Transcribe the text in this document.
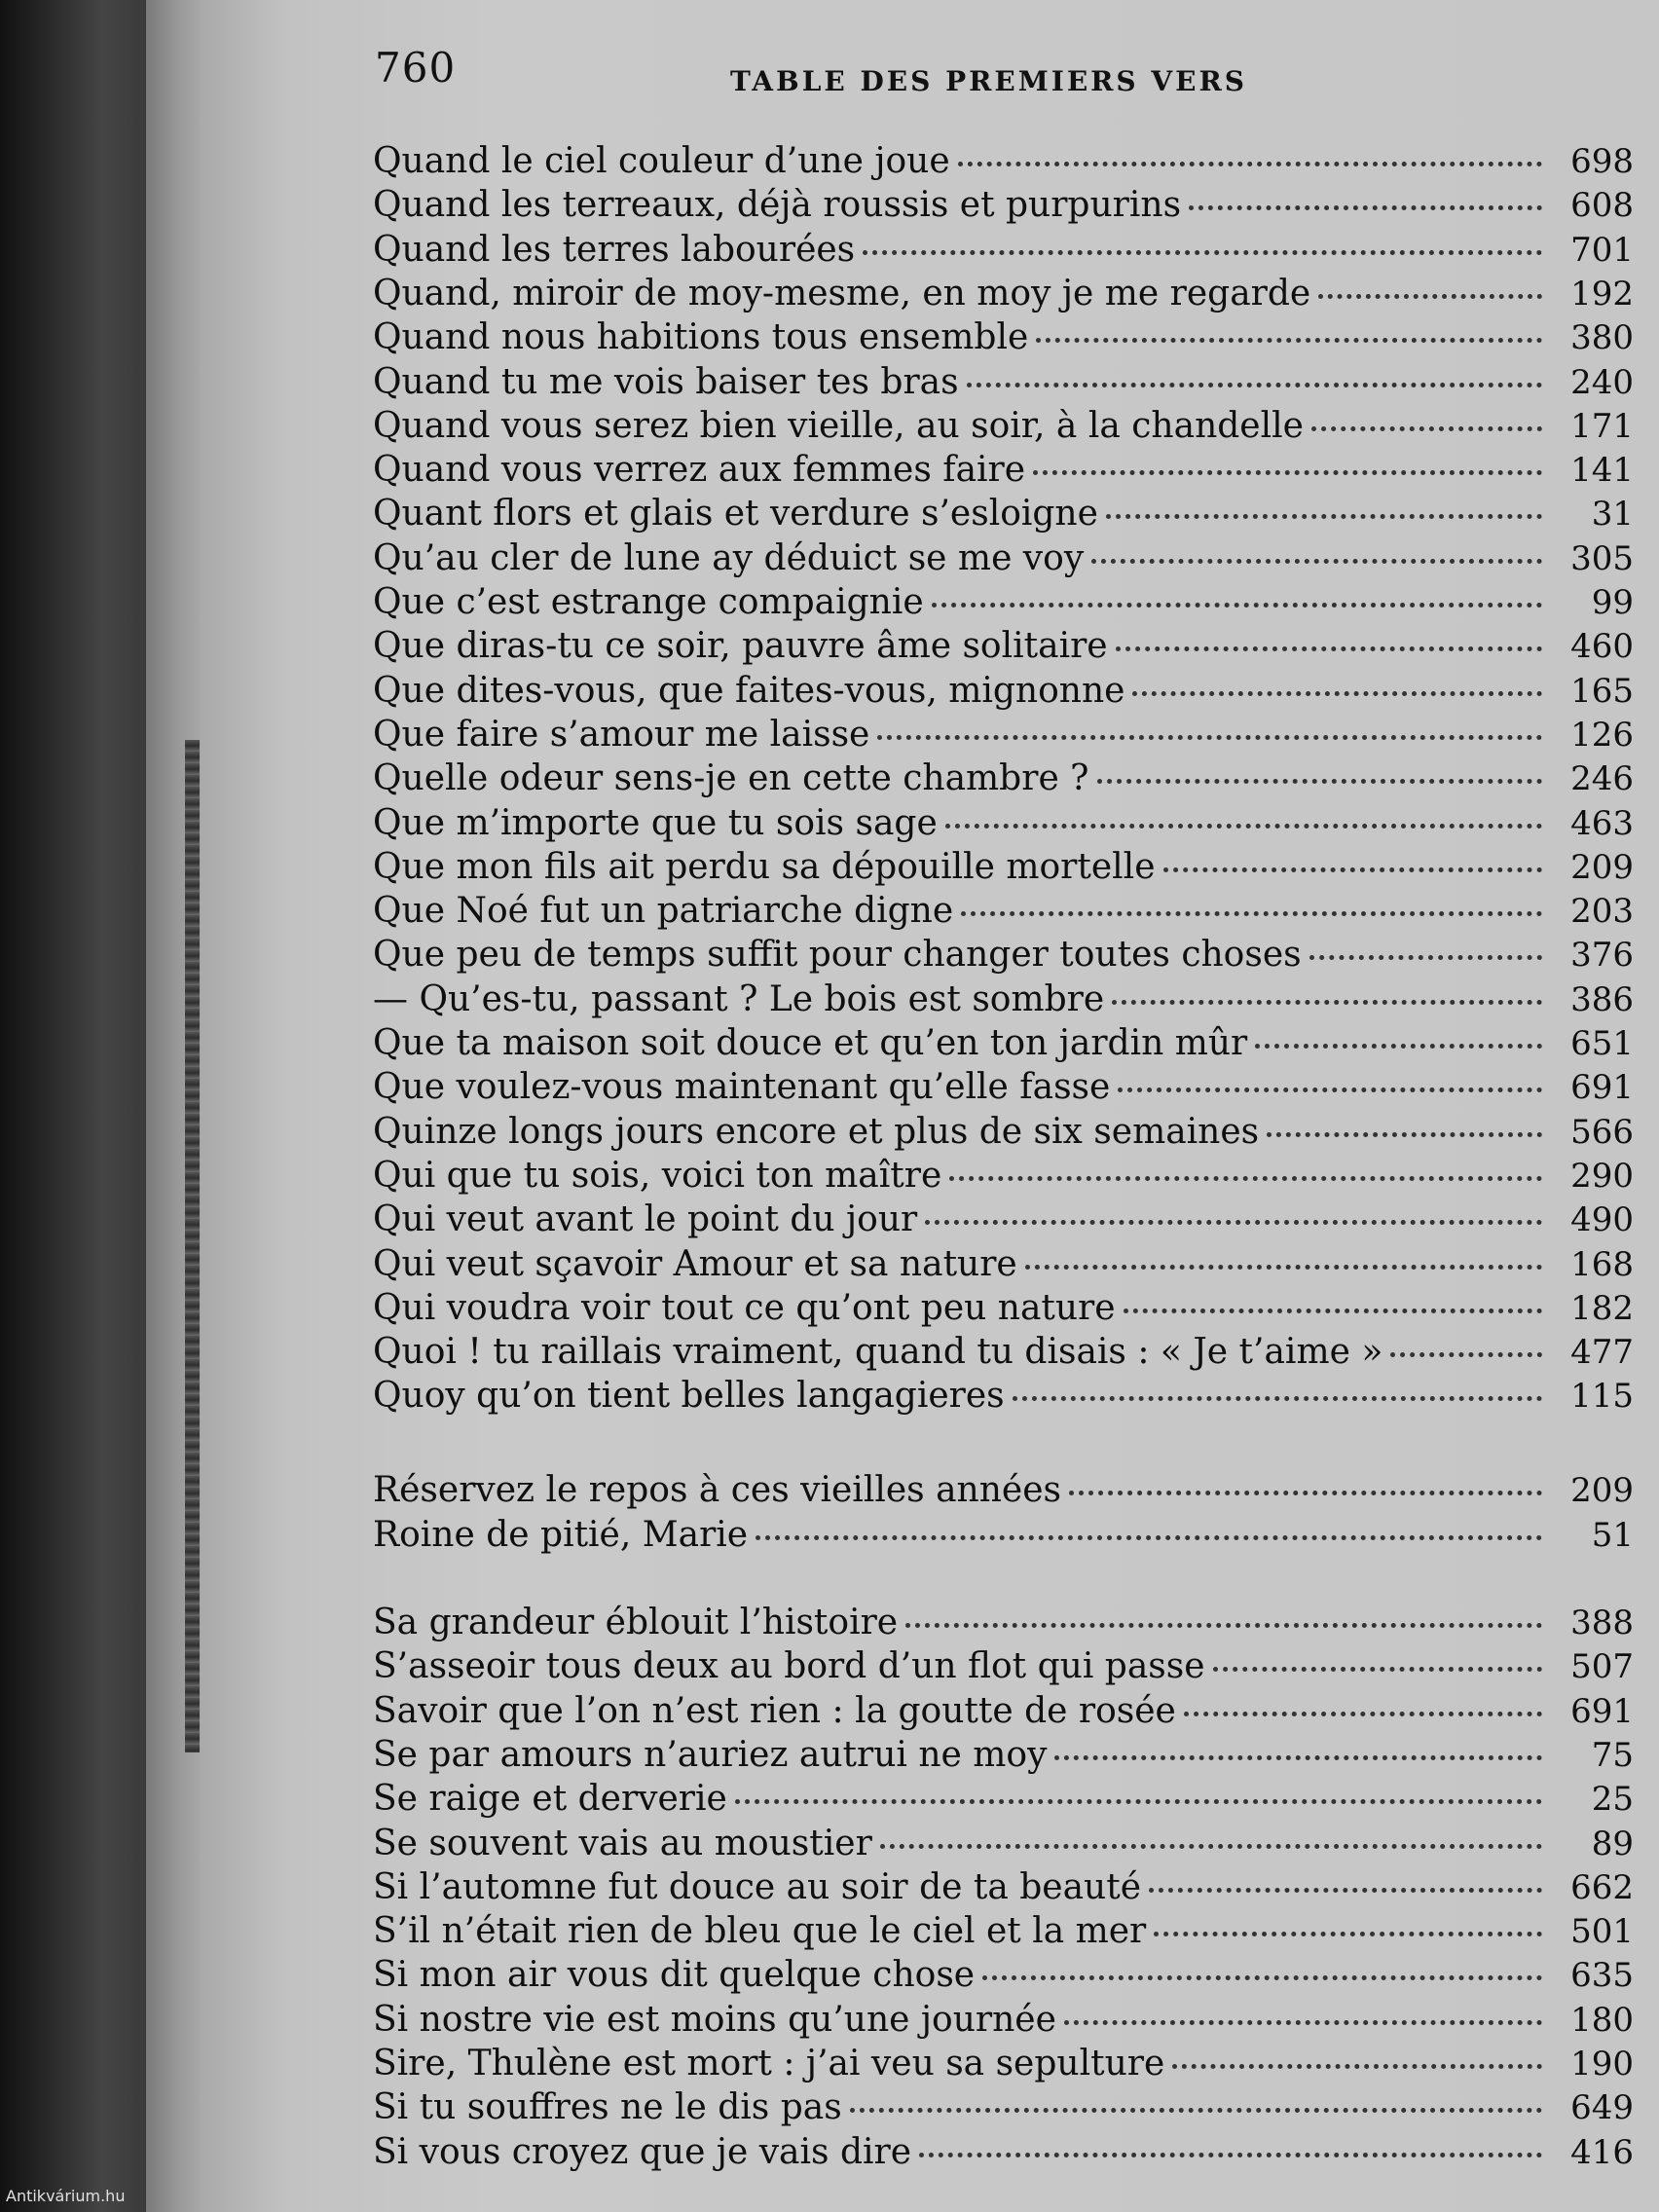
760	TABLE DES PREMIERS VERS
Quand le ciel couleur d’une joue	698
Quand les terreaux, déjà roussis et purpurins	608
Quand les terres labourées	701
Quand, miroir de moy-mesme, en moy je me regarde	192
Quand nous habitions tous ensemble	380
Quand tu me vois baiser tes bras	240
Quand vous serez bien vieille, au soir, à la chandelle	171
Quand vous verrez aux femmes faire	141
Quant flors et glais et verdure s’esloigne	31
Qu’au cler de lune ay déduict se me voy	305
Que c’est estrange compaignie	99
Que diras-tu ce soir, pauvre âme solitaire	460
Que dites-vous, que faites-vous, mignonne	165
Que faire s’amour me laisse	126
Quelle odeur sens-je en cette chambre ?	246
Que m’importe que tu sois sage	463
Que mon fils ait perdu sa dépouille mortelle	209
Que Noé fut un patriarche digne	203
Que peu de temps suffit pour changer toutes choses	376
— Qu’es-tu, passant ? Le bois est sombre	386
Que ta maison soit douce et qu’en ton jardin mûr	651
Que voulez-vous maintenant qu’elle fasse	691
Quinze longs jours encore et plus de six semaines	566
Qui que tu sois, voici ton maître	290
Qui veut avant le point du jour	490
Qui veut sçavoir Amour et sa nature	168
Qui voudra voir tout ce qu’ont peu nature	182
Quoi ! tu raillais vraiment, quand tu disais : « Je t’aime »	477
Quoy qu’on tient belles langagieres	115
Réservez le repos à ces vieilles années	209
Roine de pitié, Marie	51
Sa grandeur éblouit l’histoire	388
S’asseoir tous deux au bord d’un flot qui passe	507
Savoir que l’on n’est rien : la goutte de rosée	691
Se par amours n’auriez autrui ne moy	75
Se raige et derverie	25
Se souvent vais au moustier	89
Si l’automne fut douce au soir de ta beauté	662
S’il n’était rien de bleu que le ciel et la mer	501
Si mon air vous dit quelque chose	635
Si nostre vie est moins qu’une journée	180
Sire, Thulène est mort : j’ai veu sa sepulture	190
Si tu souffres ne le dis pas	649
Si vous croyez que je vais dire	416
Antikvárium.hu
